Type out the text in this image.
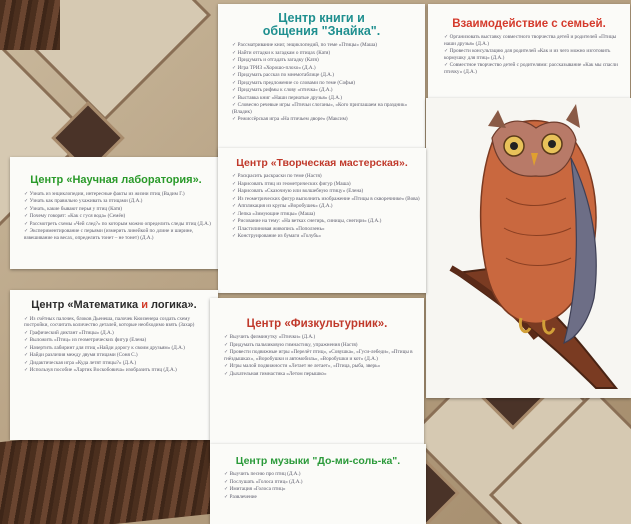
Центр книги и
общения "Знайка".

✓ Рассматривание книг, энциклопедий, по теме «Птицы» (Маша)
✓ Найти отгадки к загадкам о птицах (Катя)
✓ Придумать и отгадать загадку (Катя)
✓ Игра ТРИЗ «Хорошо-плохо» (Д.А.)
✓ Придумать рассказ по мнемотаблице (Д.А.)
✓ Придумать предложение со словами по теме (Софья)
✓ Придумать рифмы к слову «птичка» (Д.А.)
✓ Выставка книг «Наши пернатые друзья» (Д.А.)
✓ Словесно речевые игры «Птичьи слоганы», «Кого приглашаем на праздник» (Владик)
✓ Режиссёрская игра «На птичьем дворе» (Максим)

Взаимодействие с семьей.

✓ Организовать выставку совместного творчества детей и родителей «Птицы наши друзья» (Д.А.)
✓ Провести консультацию для родителей «Как и из чего можно изготовить кормушку для птиц» (Д.А.)
✓ Совместное творчество детей с родителями: рассказывание «Как мы спасли птичку» (Д.А.)

Центр «Научная лаборатория».

✓ Узнать из энциклопедии, интересные факты из жизни птиц (Вадим Г.)
✓ Узнать как правильно ухаживать за птицами (Д.А.)
✓ Узнать, какие бывают перья у птиц (Катя)
✓ Почему говорят: «Как с гуся вода» (Семён)
✓ Рассмотреть схемы «Чей след?» по которым можно определить следы птиц (Д.А.)
✓ Экспериментирование с перьями (измерить линейкой по длине и ширине, взвешивание на весах, определить тонет – не тонет) (Д.А.)

Центр «Творческая мастерская».

✓ Раскрасить раскраски по теме (Настя)
✓ Нарисовать птиц из геометрических фигур (Маша)
✓ Нарисовать «Сказочную или волшебную птицу» (Елена)
✓ Из геометрических фигур выполнить изображение «Птицы в скворечнике» (Вова)
✓ Аппликация из крупы «Воробушек» (Д.А.)
✓ Лепка «Зимующие птицы» (Маша)
✓ Рисование на тему: «На ветках снегирь, синицы, снегири» (Д.А.)
✓ Пластилиновая живопись «Поползень»
✓ Конструирование из бумаги «Голубь»

Центр «Математика и логика».

✓ Из счётных палочек, блоков Дьенеша, палочек Кюизенера создать схему постройки, сосчитать количество деталей, которые необходимо взять (Захар)
✓ Графический диктант «Птицы» (Д.А.)
✓ Выложить «Птиц» из геометрических фигур (Елена)
✓ Начертить лабиринт для птиц «Найди дорогу к своим друзьям» (Д.А.)
✓ Найди различия между двумя птицами (Соня С.)
✓ Дидактическая игра «Куда летят птицы?» (Д.А.)
✓ Используя пособие «Лартик Воскобовича» изобразить птиц (Д.А.)

Центр «Физкультурник».

✓ Выучить физминутку «Птички» (Д.А.)
✓ Придумать пальчиковую гимнастику, упражнения (Настя)
✓ Провести подвижные игры «Перелёт птиц», «Совушка», «Гуси-лебеди», «Птицы в гнёздышках», «Воробушки и автомобиль», «Воробушки и кот» (Д.А.)
✓ Игры малой подвижности «Летает не летает», «Птица, рыба, зверь»
✓ Дыхательная гимнастика «Летом перышко»

Центр музыки "До-ми-соль-ка".

✓ Выучить песню про птиц (Д.А.)
✓ Послушать «Голоса птиц» (Д.А.)
✓ Имитация «Голоса птиц»
✓ Развлечение
